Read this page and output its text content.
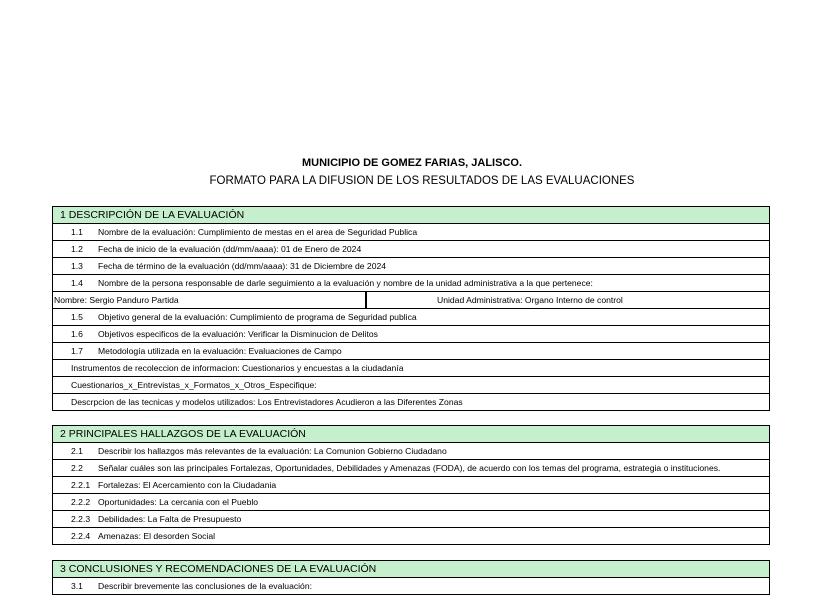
MUNICIPIO DE GOMEZ FARIAS, JALISCO.
FORMATO PARA LA DIFUSION DE LOS RESULTADOS DE LAS EVALUACIONES
1 DESCRIPCIÓN DE LA EVALUACIÓN
1.1 Nombre de la evaluación: Cumplimiento de mestas en el area de Seguridad Publica
1.2 Fecha de inicio de la evaluación (dd/mm/aaaa): 01 de Enero de 2024
1.3 Fecha de término de la evaluación (dd/mm/aaaa): 31 de Diciembre de 2024
1.4 Nombre de la persona responsable de darle seguimiento a la evaluación y nombre de la unidad administrativa a la que pertenece:
Nombre: Sergio Panduro Partida	Unidad Administrativa: Organo Interno de control
1.5 Objetivo general de la evaluación: Cumplimiento de programa de Seguridad publica
1.6Objetivos especificos de la evaluación: Verificar la Disminucion de Delitos
1.7Metodología utilizada en la evaluación: Evaluaciones de Campo
Instrumentos de recoleccion de informacion: Cuestionarios y encuestas a la ciudadanía
Cuestionarios_x_Entrevistas_x_Formatos_x_Otros_Especifique:
Descrpcion de las tecnicas y modelos utilizados: Los Entrevistadores Acudieron a las Diferentes Zonas
2 PRINCIPALES HALLAZGOS DE LA EVALUACIÓN
2.1 Describir los hallazgos más relevantes de la evaluación: La Comunion Gobierno Ciudadano
2.2 Señalar cuáles son las principales Fortalezas, Oportunidades, Debilidades y Amenazas (FODA), de acuerdo con los temas del programa, estrategia o instituciones.
2.2.1 Fortalezas: El Acercamiento con la Ciudadania
2.2.2 Oportunidades: La cercania con el Pueblo
2.2.3 Debilidades: La Falta de Presupuesto
2.2.4 Amenazas: El desorden Social
3 CONCLUSIONES Y RECOMENDACIONES DE LA EVALUACIÓN
3.1 Describir brevemente las conclusiones de la evaluación:
